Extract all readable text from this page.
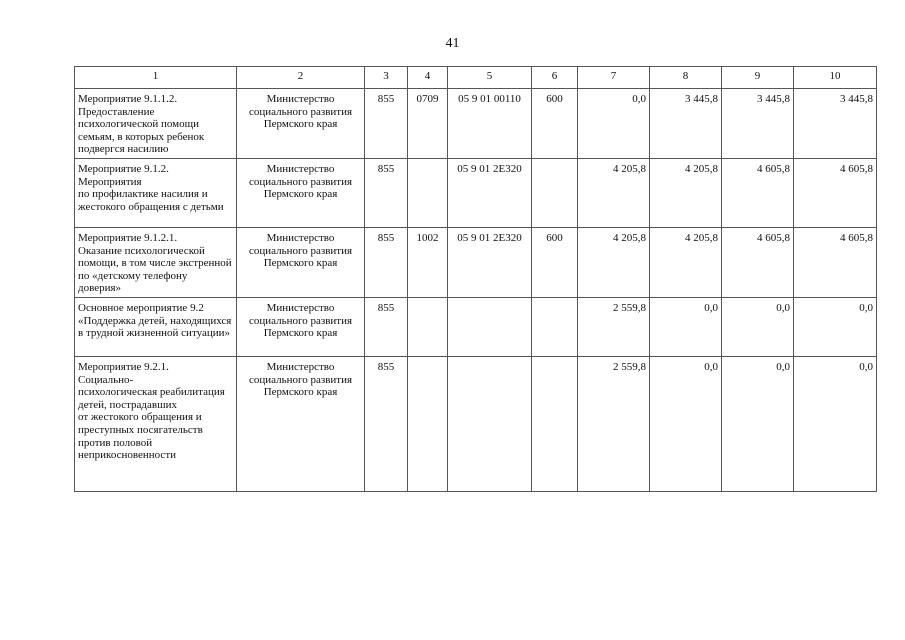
41
1	2	3	4	5	6	7	8	9	10
Мероприятие 9.1.1.2.
Предоставление психологической помощи семьям, в которых ребенок подвергся насилию	Министерство социального развития Пермского края	855	0709	05 9 01 00110	600	0,0	3 445,8	3 445,8	3 445,8
Мероприятие 9.1.2.
Мероприятия
по профилактике насилия и жестокого обращения с детьми	Министерство социального развития Пермского края	855		05 9 01 2E320		4 205,8	4 205,8	4 605,8	4 605,8
Мероприятие 9.1.2.1.
Оказание психологической помощи, в том числе экстренной по «детскому телефону доверия»	Министерство социального развития Пермского края	855	1002	05 9 01 2E320	600	4 205,8	4 205,8	4 605,8	4 605,8
Основное мероприятие 9.2
«Поддержка детей, находящихся в трудной жизненной ситуации»	Министерство социального развития Пермского края	855				2 559,8	0,0	0,0	0,0
Мероприятие 9.2.1.
Социально-
психологическая реабилитация детей, пострадавших
от жестокого обращения и преступных посягательств против половой неприкосновенности	Министерство социального развития Пермского края	855				2 559,8	0,0	0,0	0,0
